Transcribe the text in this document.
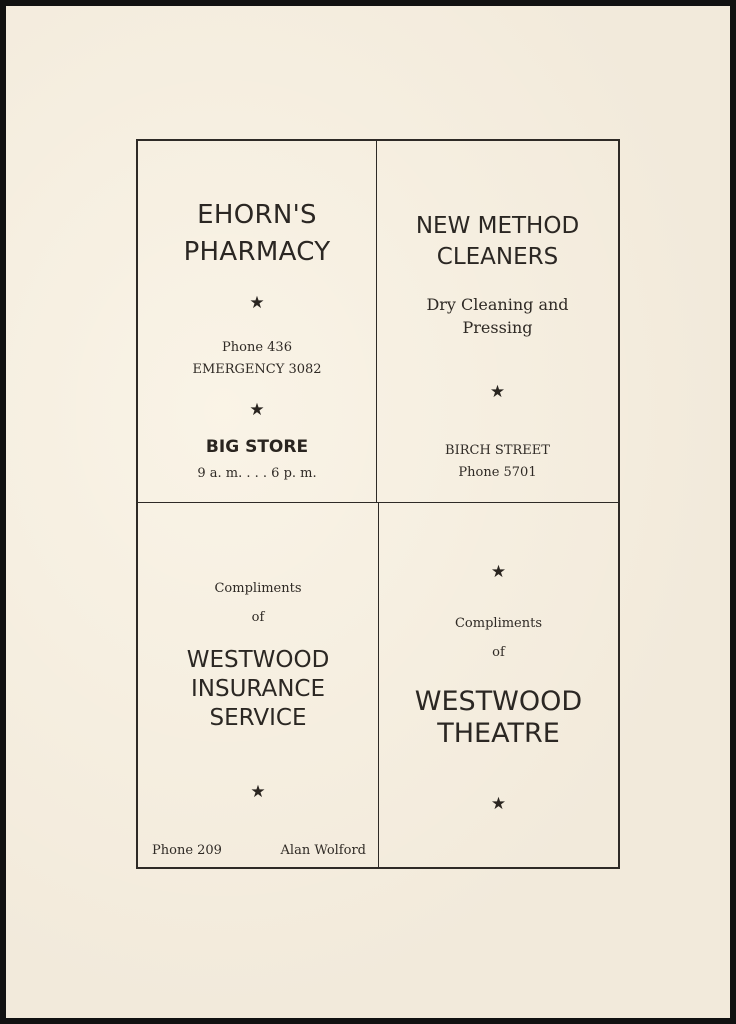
EHORN'S
PHARMACY
★
Phone 436
EMERGENCY 3082
★
BIG STORE
9 a. m. . . . 6 p. m.
NEW METHOD
CLEANERS
Dry Cleaning and
Pressing
★
BIRCH STREET
Phone 5701
Compliments
of
WESTWOOD
INSURANCE
SERVICE
★
Phone 209	Alan Wolford
★
Compliments
of
WESTWOOD
THEATRE
★
